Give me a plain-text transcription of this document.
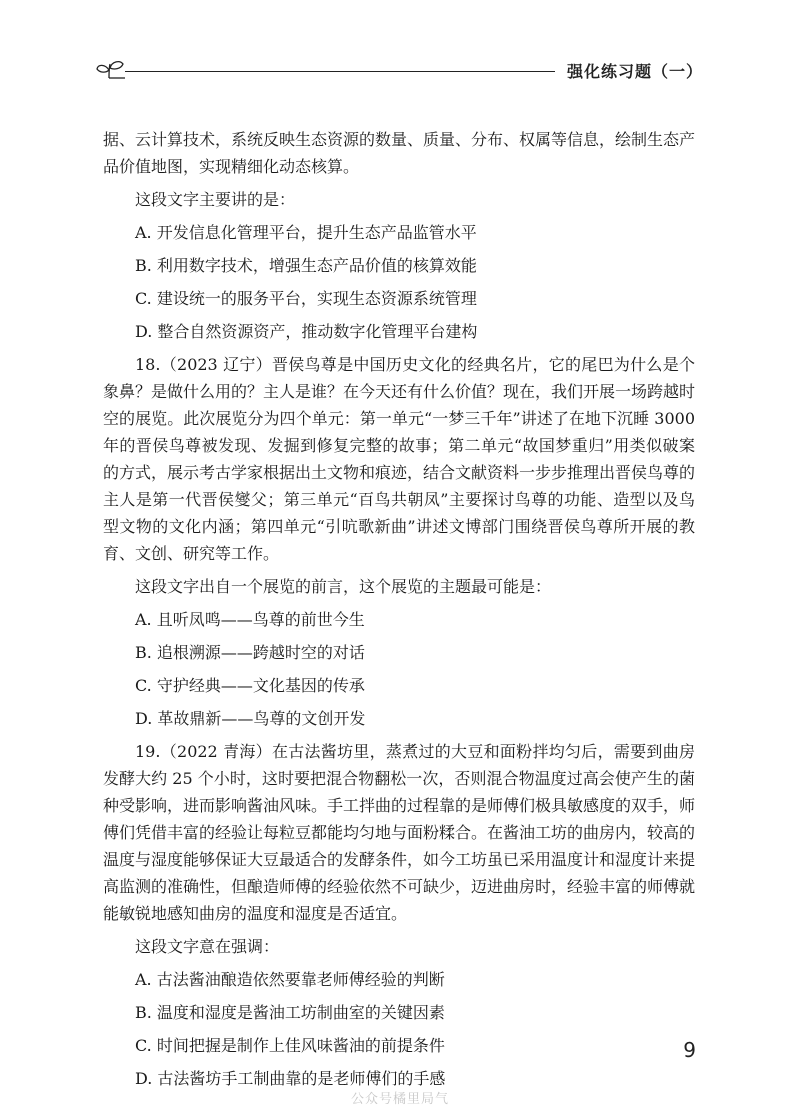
强化练习题（一）

据、云计算技术，系统反映生态资源的数量、质量、分布、权属等信息，绘制生态产品价值地图，实现精细化动态核算。

这段文字主要讲的是：

A. 开发信息化管理平台，提升生态产品监管水平

B. 利用数字技术，增强生态产品价值的核算效能

C. 建设统一的服务平台，实现生态资源系统管理

D. 整合自然资源资产，推动数字化管理平台建构

18.（2023 辽宁）晋侯鸟尊是中国历史文化的经典名片，它的尾巴为什么是个象鼻？是做什么用的？主人是谁？在今天还有什么价值？现在，我们开展一场跨越时空的展览。此次展览分为四个单元：第一单元“一梦三千年”讲述了在地下沉睡 3000 年的晋侯鸟尊被发现、发掘到修复完整的故事；第二单元“故国梦重归”用类似破案的方式，展示考古学家根据出土文物和痕迹，结合文献资料一步步推理出晋侯鸟尊的主人是第一代晋侯燮父；第三单元“百鸟共朝凤”主要探讨鸟尊的功能、造型以及鸟型文物的文化内涵；第四单元“引吭歌新曲”讲述文博部门围绕晋侯鸟尊所开展的教育、文创、研究等工作。

这段文字出自一个展览的前言，这个展览的主题最可能是：

A. 且听凤鸣——鸟尊的前世今生

B. 追根溯源——跨越时空的对话

C. 守护经典——文化基因的传承

D. 革故鼎新——鸟尊的文创开发

19.（2022 青海）在古法酱坊里，蒸煮过的大豆和面粉拌均匀后，需要到曲房发酵大约 25 个小时，这时要把混合物翻松一次，否则混合物温度过高会使产生的菌种受影响，进而影响酱油风味。手工拌曲的过程靠的是师傅们极具敏感度的双手，师傅们凭借丰富的经验让每粒豆都能均匀地与面粉糅合。在酱油工坊的曲房内，较高的温度与湿度能够保证大豆最适合的发酵条件，如今工坊虽已采用温度计和湿度计来提高监测的准确性，但酿造师傅的经验依然不可缺少，迈进曲房时，经验丰富的师傅就能敏锐地感知曲房的温度和湿度是否适宜。

这段文字意在强调：

A. 古法酱油酿造依然要靠老师傅经验的判断

B. 温度和湿度是酱油工坊制曲室的关键因素

C. 时间把握是制作上佳风味酱油的前提条件

D. 古法酱坊手工制曲靠的是老师傅们的手感

9
公众号橘里局气
